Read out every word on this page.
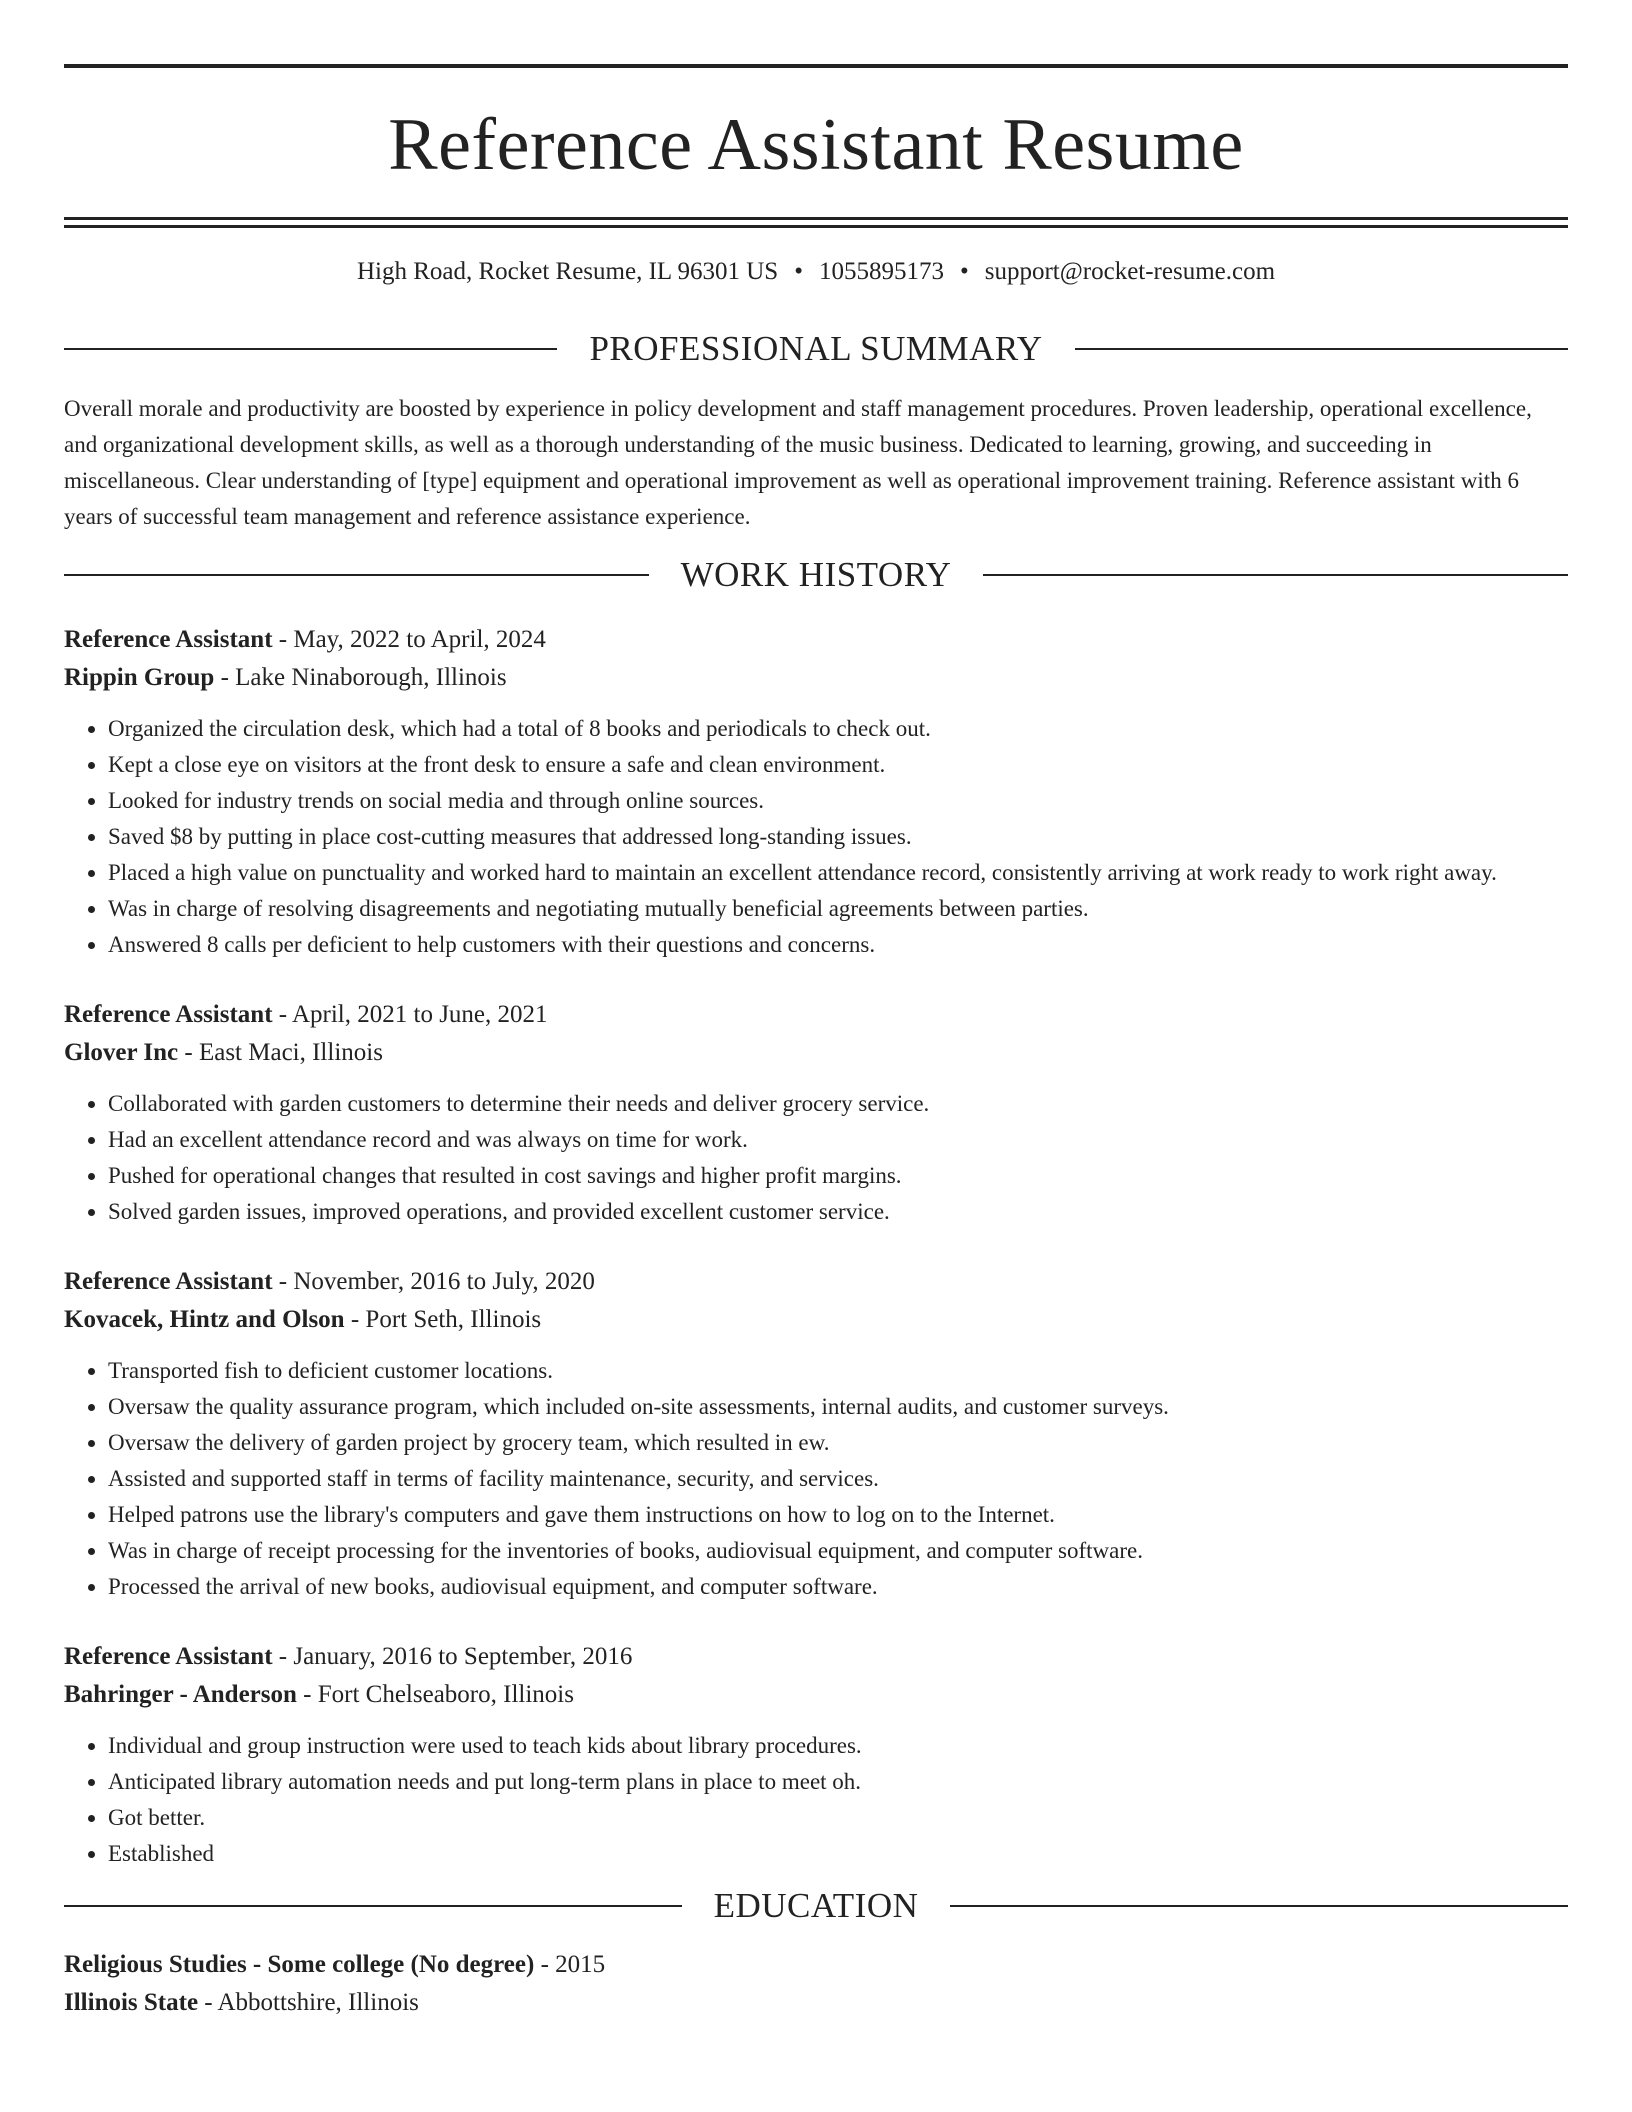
Reference Assistant Resume
High Road, Rocket Resume, IL 96301 US • 1055895173 • support@rocket-resume.com
PROFESSIONAL SUMMARY
Overall morale and productivity are boosted by experience in policy development and staff management procedures. Proven leadership, operational excellence, and organizational development skills, as well as a thorough understanding of the music business. Dedicated to learning, growing, and succeeding in miscellaneous. Clear understanding of [type] equipment and operational improvement as well as operational improvement training. Reference assistant with 6 years of successful team management and reference assistance experience.
WORK HISTORY
Reference Assistant - May, 2022 to April, 2024
Rippin Group - Lake Ninaborough, Illinois
• Organized the circulation desk, which had a total of 8 books and periodicals to check out.
• Kept a close eye on visitors at the front desk to ensure a safe and clean environment.
• Looked for industry trends on social media and through online sources.
• Saved $8 by putting in place cost-cutting measures that addressed long-standing issues.
• Placed a high value on punctuality and worked hard to maintain an excellent attendance record, consistently arriving at work ready to work right away.
• Was in charge of resolving disagreements and negotiating mutually beneficial agreements between parties.
• Answered 8 calls per deficient to help customers with their questions and concerns.
Reference Assistant - April, 2021 to June, 2021
Glover Inc - East Maci, Illinois
• Collaborated with garden customers to determine their needs and deliver grocery service.
• Had an excellent attendance record and was always on time for work.
• Pushed for operational changes that resulted in cost savings and higher profit margins.
• Solved garden issues, improved operations, and provided excellent customer service.
Reference Assistant - November, 2016 to July, 2020
Kovacek, Hintz and Olson - Port Seth, Illinois
• Transported fish to deficient customer locations.
• Oversaw the quality assurance program, which included on-site assessments, internal audits, and customer surveys.
• Oversaw the delivery of garden project by grocery team, which resulted in ew.
• Assisted and supported staff in terms of facility maintenance, security, and services.
• Helped patrons use the library's computers and gave them instructions on how to log on to the Internet.
• Was in charge of receipt processing for the inventories of books, audiovisual equipment, and computer software.
• Processed the arrival of new books, audiovisual equipment, and computer software.
Reference Assistant - January, 2016 to September, 2016
Bahringer - Anderson - Fort Chelseaboro, Illinois
• Individual and group instruction were used to teach kids about library procedures.
• Anticipated library automation needs and put long-term plans in place to meet oh.
• Got better.
• Established
EDUCATION
Religious Studies - Some college (No degree) - 2015
Illinois State - Abbottshire, Illinois
